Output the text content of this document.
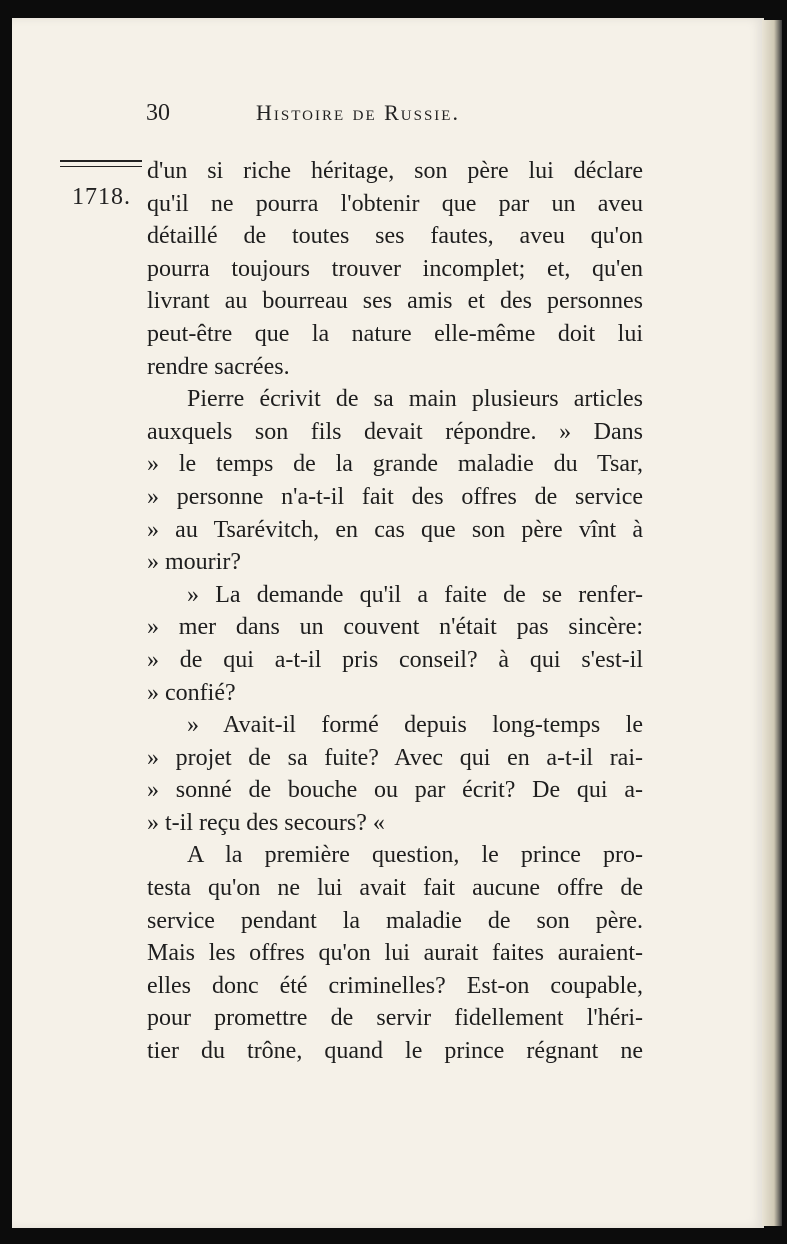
30	Histoire de Russie.
1718.
d'un si riche héritage, son père lui déclare
qu'il ne pourra l'obtenir que par un aveu
détaillé de toutes ses fautes, aveu qu'on
pourra toujours trouver incomplet; et, qu'en
livrant au bourreau ses amis et des personnes
peut-être que la nature elle-même doit lui
rendre sacrées.
Pierre écrivit de sa main plusieurs articles
auxquels son fils devait répondre. » Dans
» le temps de la grande maladie du Tsar,
» personne n'a-t-il fait des offres de service
» au Tsarévitch, en cas que son père vînt à
» mourir?
» La demande qu'il a faite de se renfer-
» mer dans un couvent n'était pas sincère:
» de qui a-t-il pris conseil? à qui s'est-il
» confié?
» Avait-il formé depuis long-temps le
» projet de sa fuite? Avec qui en a-t-il rai-
» sonné de bouche ou par écrit? De qui a-
» t-il reçu des secours? «
A la première question, le prince pro-
testa qu'on ne lui avait fait aucune offre de
service pendant la maladie de son père.
Mais les offres qu'on lui aurait faites auraient-
elles donc été criminelles? Est-on coupable,
pour promettre de servir fidellement l'héri-
tier du trône, quand le prince régnant ne
